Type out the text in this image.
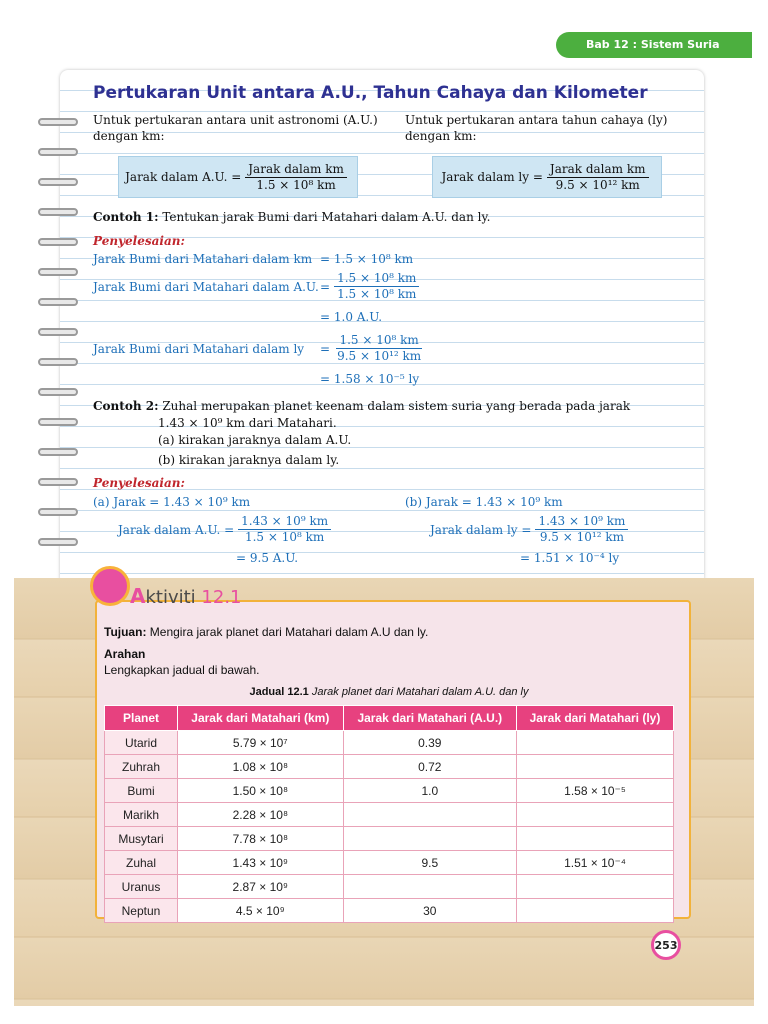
Bab 12 : Sistem Suria
Pertukaran Unit antara A.U., Tahun Cahaya dan Kilometer
Untuk pertukaran antara unit astronomi (A.U.) dengan km:
Untuk pertukaran antara tahun cahaya (ly) dengan km:
Jarak dalam A.U. = $\frac{\text{Jarak dalam km}}{\text{1.5 × 10⁸ km}}$	Jarak dalam ly = $\frac{\text{Jarak dalam km}}{\text{9.5 × 10¹² km}}$
Contoh 1: Tentukan jarak Bumi dari Matahari dalam A.U. dan ly.
Penyelesaian:
Jarak Bumi dari Matahari dalam km = 1.5 × 10⁸ km
Jarak Bumi dari Matahari dalam A.U. = $\frac{\text{1.5 × 10⁸ km}}{\text{1.5 × 10⁸ km}}$
= 1.0 A.U.
Jarak Bumi dari Matahari dalam ly = $\frac{\text{1.5 × 10⁸ km}}{\text{9.5 × 10¹² km}}$
= 1.58 × 10⁻⁵ ly
Contoh 2: Zuhal merupakan planet keenam dalam sistem suria yang berada pada jarak
1.43 × 10⁹ km dari Matahari.
(a) kirakan jaraknya dalam A.U.
(b) kirakan jaraknya dalam ly.
Penyelesaian:
(a) Jarak = 1.43 × 10⁹ km
Jarak dalam A.U. = $\frac{\text{1.43 × 10⁹ km}}{\text{1.5 × 10⁸ km}}$
= 9.5 A.U.
(b) Jarak = 1.43 × 10⁹ km
Jarak dalam ly = $\frac{\text{1.43 × 10⁹ km}}{\text{9.5 × 10¹² km}}$
= 1.51 × 10⁻⁴ ly
Aktiviti 12.1
Tujuan: Mengira jarak planet dari Matahari dalam A.U dan ly.
Arahan
Lengkapkan jadual di bawah.
Jadual 12.1 Jarak planet dari Matahari dalam A.U. dan ly
Planet	Jarak dari Matahari (km)	Jarak dari Matahari (A.U.)	Jarak dari Matahari (ly)
Utarid	5.79 × 10⁷	0.39	
Zuhrah	1.08 × 10⁸	0.72	
Bumi	1.50 × 10⁸	1.0	1.58 × 10⁻⁵
Marikh	2.28 × 10⁸		
Musytari	7.78 × 10⁸		
Zuhal	1.43 × 10⁹	9.5	1.51 × 10⁻⁴
Uranus	2.87 × 10⁹		
Neptun	4.5 × 10⁹	30	
253
